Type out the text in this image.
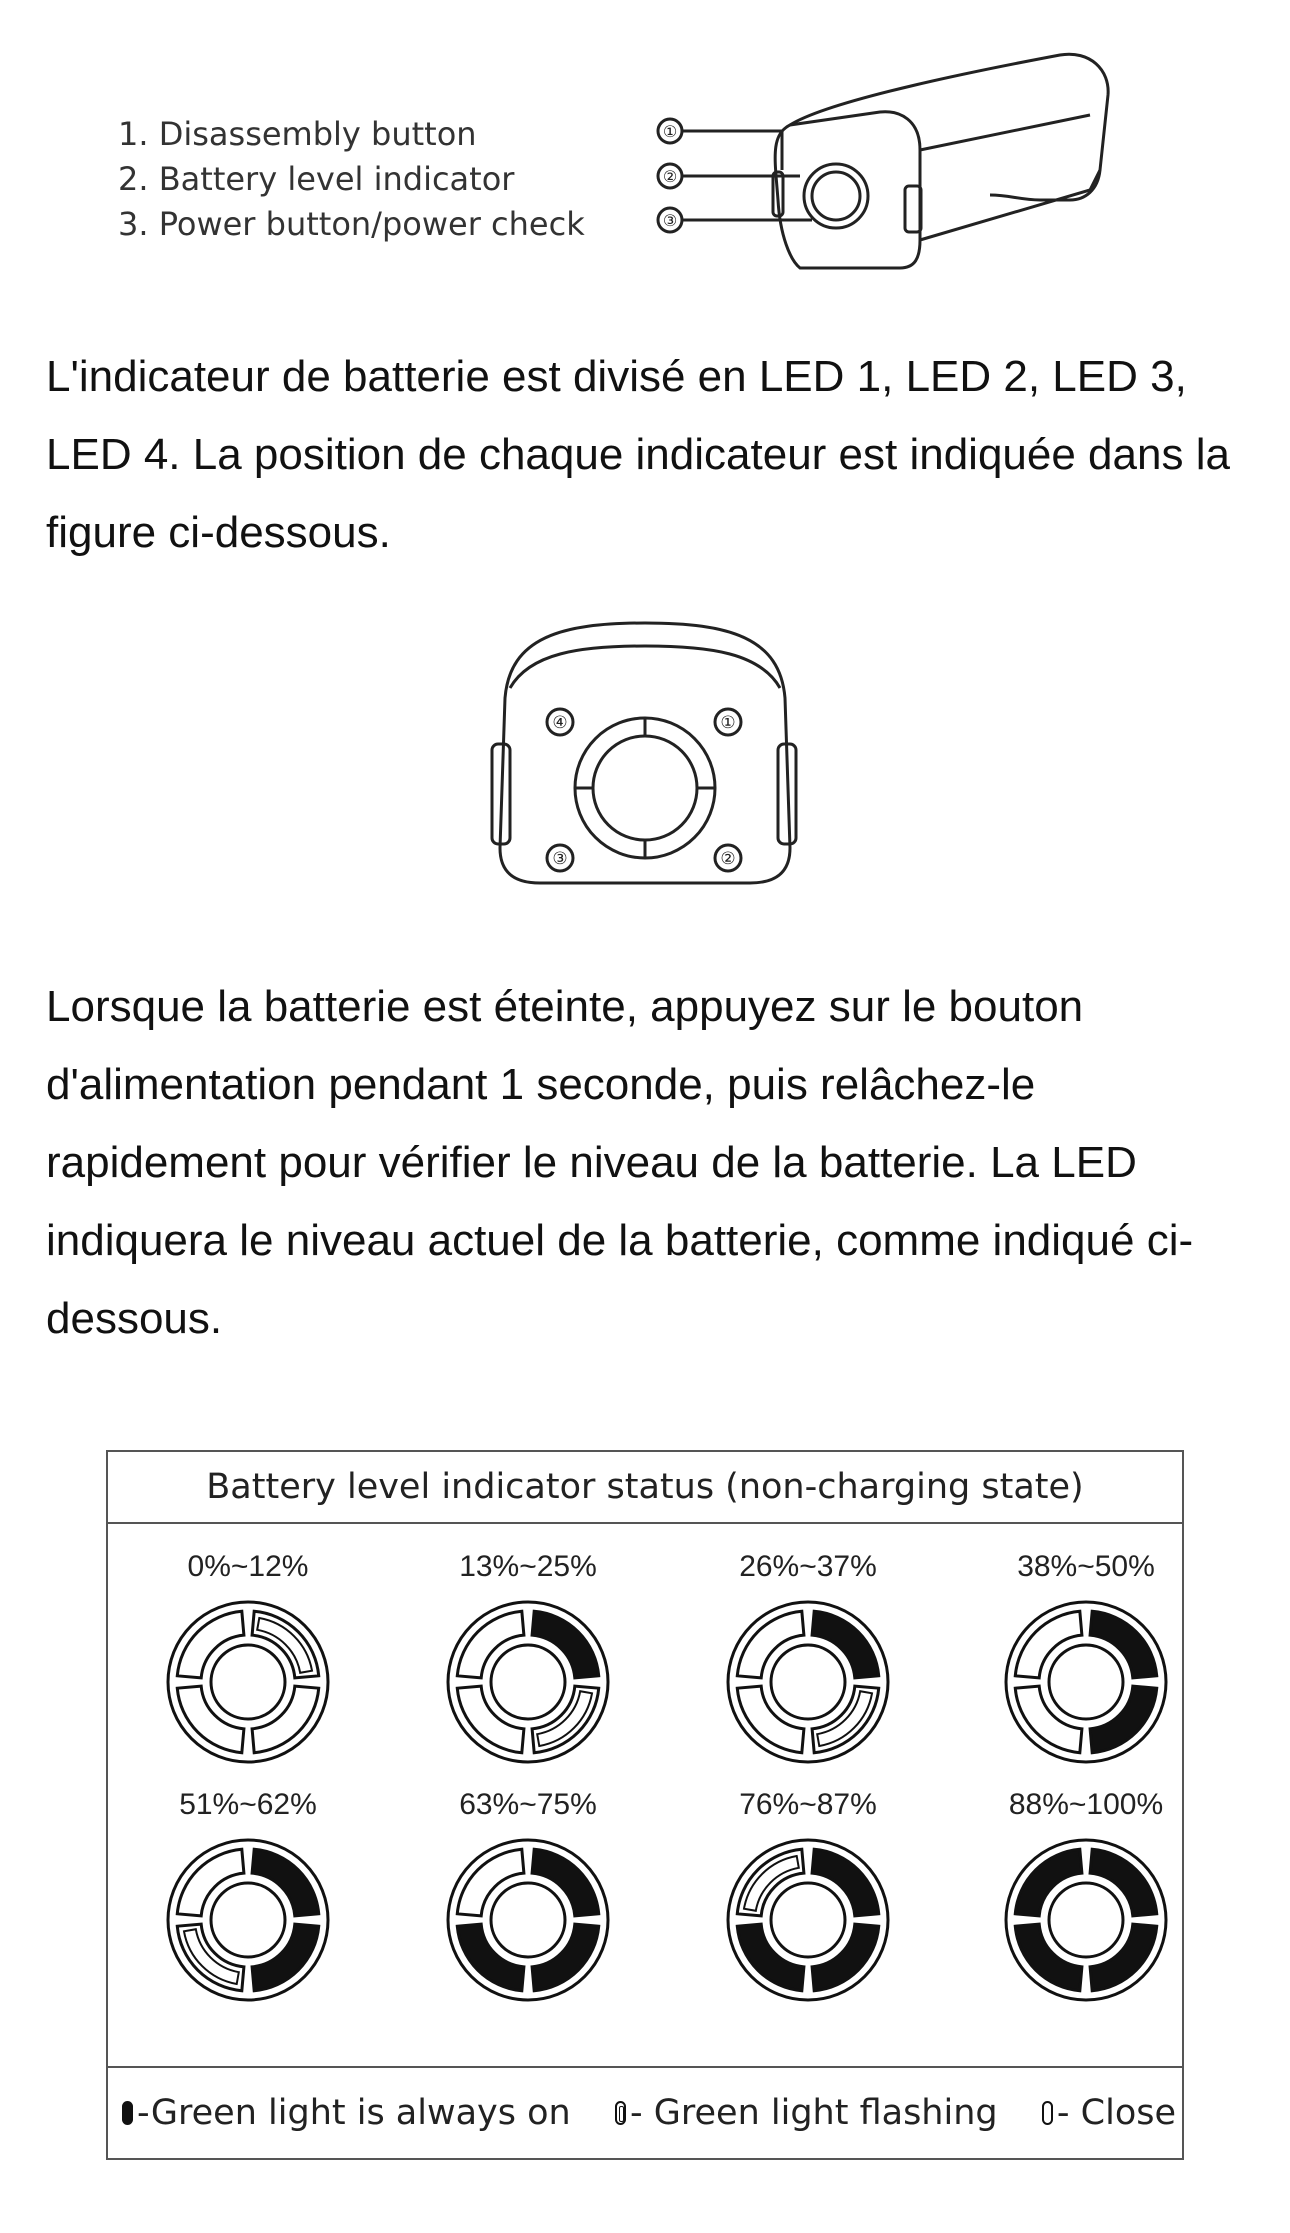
1. Disassembly button
2. Battery level indicator
3. Power button/power check
①
②
③
L'indicateur de batterie est divisé en LED 1, LED 2, LED 3, LED 4. La position de chaque indicateur est indiquée dans la figure ci-dessous.
①
②
③
④
Lorsque la batterie est éteinte, appuyez sur le bouton d'alimentation pendant 1 seconde, puis relâchez-le rapidement pour vérifier le niveau de la batterie. La LED indiquera le niveau actuel de la batterie, comme indiqué ci-dessous.
Battery level indicator status (non-charging state)
0%~12%	13%~25%	26%~37%	38%~50%
51%~62%	63%~75%	76%~87%	88%~100%
-Green light is always on - Green light flashing - Close
